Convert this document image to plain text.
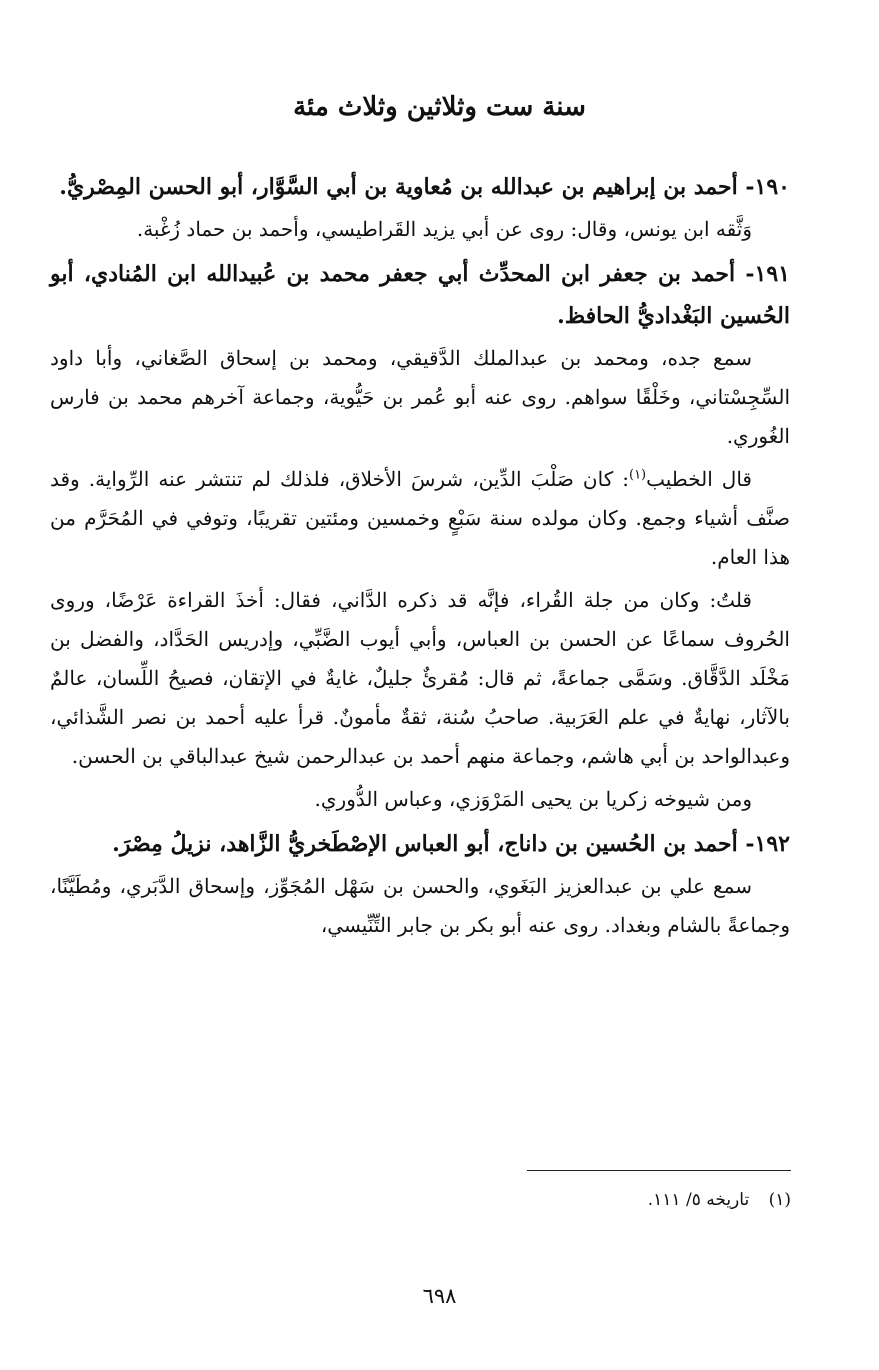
سنة ست وثلاثين وثلاث مئة

١٩٠- أحمد بن إبراهيم بن عبدالله بن مُعاوية بن أبي السَّوَّار، أبو الحسن المِصْريُّ.

وَثَّقه ابن يونس، وقال: روى عن أبي يزيد القَراطيسي، وأحمد بن حماد زُغْبة.

١٩١- أحمد بن جعفر ابن المحدِّث أبي جعفر محمد بن عُبيدالله ابن المُنادي، أبو الحُسين البَغْداديُّ الحافظ.

سمع جده، ومحمد بن عبدالملك الدَّقيقي، ومحمد بن إسحاق الصَّغاني، وأبا داود السِّجِسْتاني، وخَلْقًا سواهم. روى عنه أبو عُمر بن حَيُّوية، وجماعة آخرهم محمد بن فارس الغُوري.

قال الخطيب$^{(١)}$: كان صَلْبَ الدِّين، شرسَ الأخلاق، فلذلك لم تنتشر عنه الرِّواية. وقد صنَّف أشياء وجمع. وكان مولده سنة سَبْعٍ وخمسين ومئتين تقريبًا، وتوفي في المُحَرَّم من هذا العام.

قلتُ: وكان من جلة القُراء، فإنَّه قد ذكره الدَّاني، فقال: أخذَ القراءة عَرْضًا، وروى الحُروف سماعًا عن الحسن بن العباس، وأبي أيوب الضَّبِّي، وإدريس الحَدَّاد، والفضل بن مَخْلَد الدَّقَّاق. وسَمَّى جماعةً، ثم قال: مُقرئٌ جليلٌ، غايةٌ في الإتقان، فصيحُ اللِّسان، عالمٌ بالآثار، نهايةٌ في علم العَرَبية. صاحبُ سُنة، ثقةٌ مأمونٌ. قرأ عليه أحمد بن نصر الشَّذائي، وعبدالواحد بن أبي هاشم، وجماعة منهم أحمد بن عبدالرحمن شيخ عبدالباقي بن الحسن.

ومن شيوخه زكريا بن يحيى المَرْوَزي، وعباس الدُّوري.

١٩٢- أحمد بن الحُسين بن داناج، أبو العباس الإصْطَخريُّ الزَّاهد، نزيلُ مِصْرَ.

سمع علي بن عبدالعزيز البَغَوي، والحسن بن سَهْل المُجَوِّز، وإسحاق الدَّبَري، ومُطَيَّنًا، وجماعةً بالشام وبغداد. روى عنه أبو بكر بن جابر التِّنِّيسي،

(١) تاريخه ٥/ ١١١.
٦٩٨
